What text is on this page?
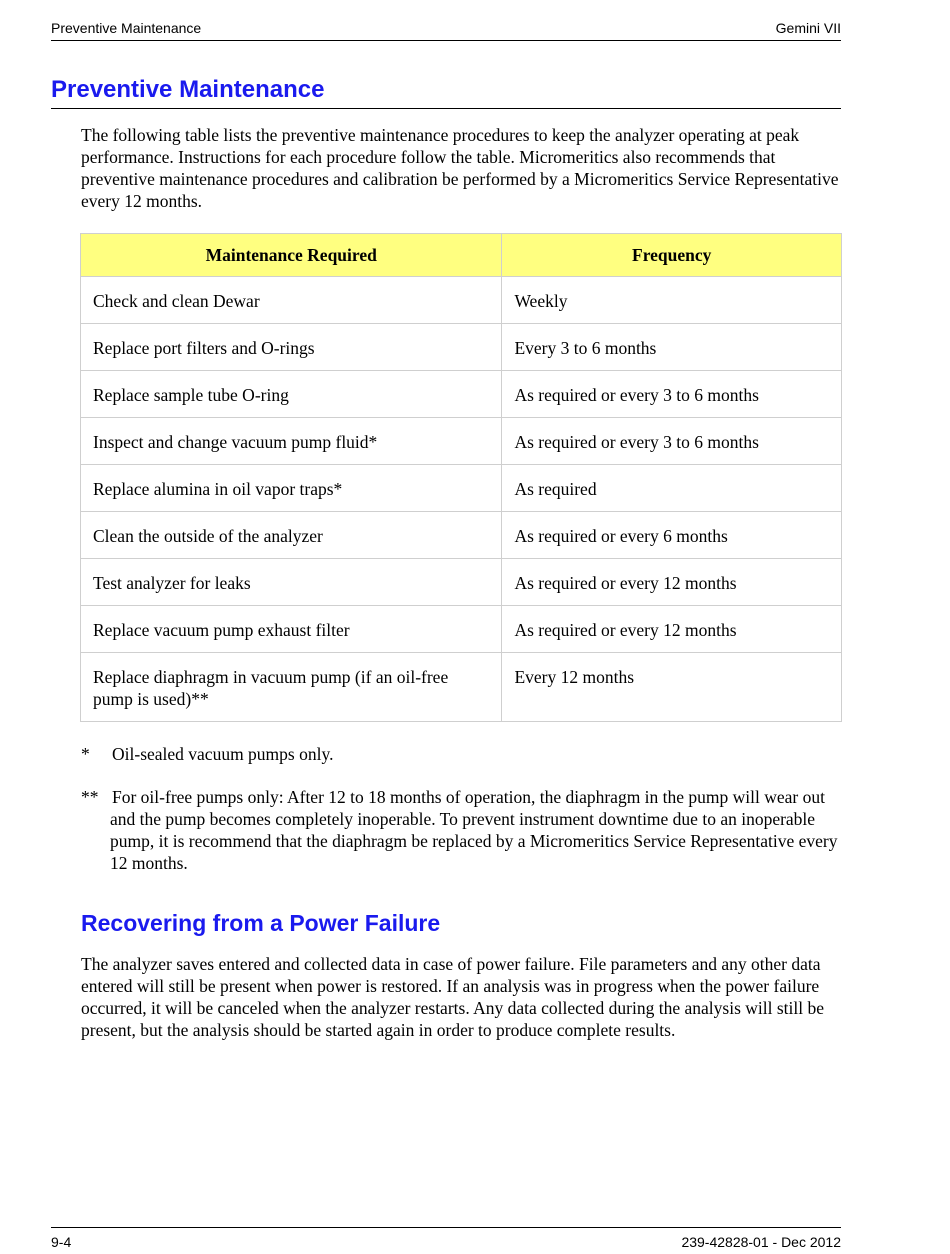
Preventive Maintenance	Gemini VII
Preventive Maintenance

The following table lists the preventive maintenance procedures to keep the analyzer operating at peak performance. Instructions for each procedure follow the table. Micromeritics also recommends that preventive maintenance procedures and calibration be performed by a Micromeritics Service Representative every 12 months.

Maintenance Required	Frequency
Check and clean Dewar	Weekly
Replace port filters and O-rings	Every 3 to 6 months
Replace sample tube O-ring	As required or every 3 to 6 months
Inspect and change vacuum pump fluid*	As required or every 3 to 6 months
Replace alumina in oil vapor traps*	As required
Clean the outside of the analyzer	As required or every 6 months
Test analyzer for leaks	As required or every 12 months
Replace vacuum pump exhaust filter	As required or every 12 months
Replace diaphragm in vacuum pump (if an oil-free pump is used)**	Every 12 months

*	Oil-sealed vacuum pumps only.

** For oil-free pumps only: After 12 to 18 months of operation, the diaphragm in the pump will wear out and the pump becomes completely inoperable. To prevent instrument downtime due to an inoperable pump, it is recommend that the diaphragm be replaced by a Micromeritics Service Representative every 12 months.

Recovering from a Power Failure

The analyzer saves entered and collected data in case of power failure. File parameters and any other data entered will still be present when power is restored. If an analysis was in progress when the power failure occurred, it will be canceled when the analyzer restarts. Any data collected during the analysis will still be present, but the analysis should be started again in order to produce complete results.

9-4	239-42828-01 - Dec 2012
